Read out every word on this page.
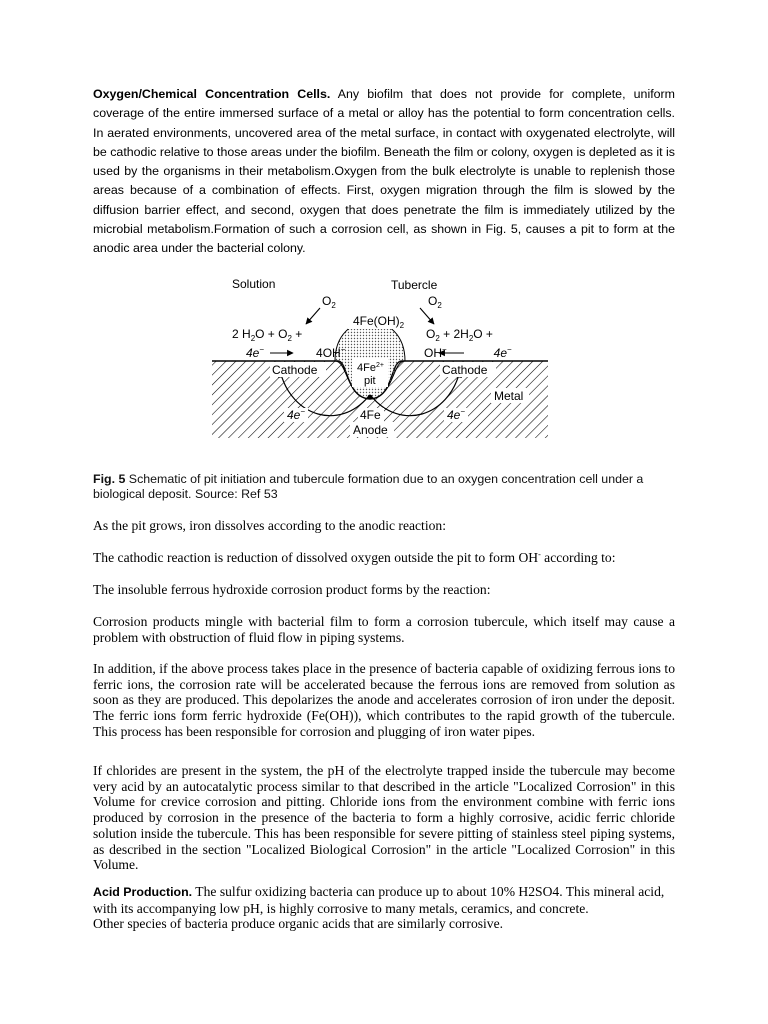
Oxygen/Chemical Concentration Cells. Any biofilm that does not provide for complete, uniform coverage of the entire immersed surface of a metal or alloy has the potential to form concentration cells. In aerated environments, uncovered area of the metal surface, in contact with oxygenated electrolyte, will be cathodic relative to those areas under the biofilm. Beneath the film or colony, oxygen is depleted as it is used by the organisms in their metabolism.Oxygen from the bulk electrolyte is unable to replenish those areas because of a combination of effects. First, oxygen migration through the film is slowed by the diffusion barrier effect, and second, oxygen that does penetrate the film is immediately utilized by the microbial metabolism.Formation of such a corrosion cell, as shown in Fig. 5, causes a pit to form at the anodic area under the bacterial colony.
Solution	Tubercle
$O_2$	$O_2$
$4Fe(OH)_2$
2 $H_2O + O_2$ +
4e−	4OH−
$O_2 + 2H_2O$ +
OH−	4e−
$4Fe^{2+}$
pit
Cathode	Cathode
Metal
4e−	4e−
4Fe
Anode
Fig. 5 Schematic of pit initiation and tubercule formation due to an oxygen concentration cell under a biological deposit. Source: Ref 53
As the pit grows, iron dissolves according to the anodic reaction:
The cathodic reaction is reduction of dissolved oxygen outside the pit to form OH- according to:
The insoluble ferrous hydroxide corrosion product forms by the reaction:
Corrosion products mingle with bacterial film to form a corrosion tubercule, which itself may cause a problem with obstruction of fluid flow in piping systems.
In addition, if the above process takes place in the presence of bacteria capable of oxidizing ferrous ions to ferric ions, the corrosion rate will be accelerated because the ferrous ions are removed from solution as soon as they are produced. This depolarizes the anode and accelerates corrosion of iron under the deposit. The ferric ions form ferric hydroxide (Fe(OH)), which contributes to the rapid growth of the tubercule. This process has been responsible for corrosion and plugging of iron water pipes.
If chlorides are present in the system, the pH of the electrolyte trapped inside the tubercule may become very acid by an autocatalytic process similar to that described in the article "Localized Corrosion" in this Volume for crevice corrosion and pitting. Chloride ions from the environment combine with ferric ions produced by corrosion in the presence of the bacteria to form a highly corrosive, acidic ferric chloride solution inside the tubercule. This has been responsible for severe pitting of stainless steel piping systems, as described in the section "Localized Biological Corrosion" in the article "Localized Corrosion" in this Volume.
Acid Production. The sulfur oxidizing bacteria can produce up to about 10% H2SO4. This mineral acid, with its accompanying low pH, is highly corrosive to many metals, ceramics, and concrete.
Other species of bacteria produce organic acids that are similarly corrosive.
